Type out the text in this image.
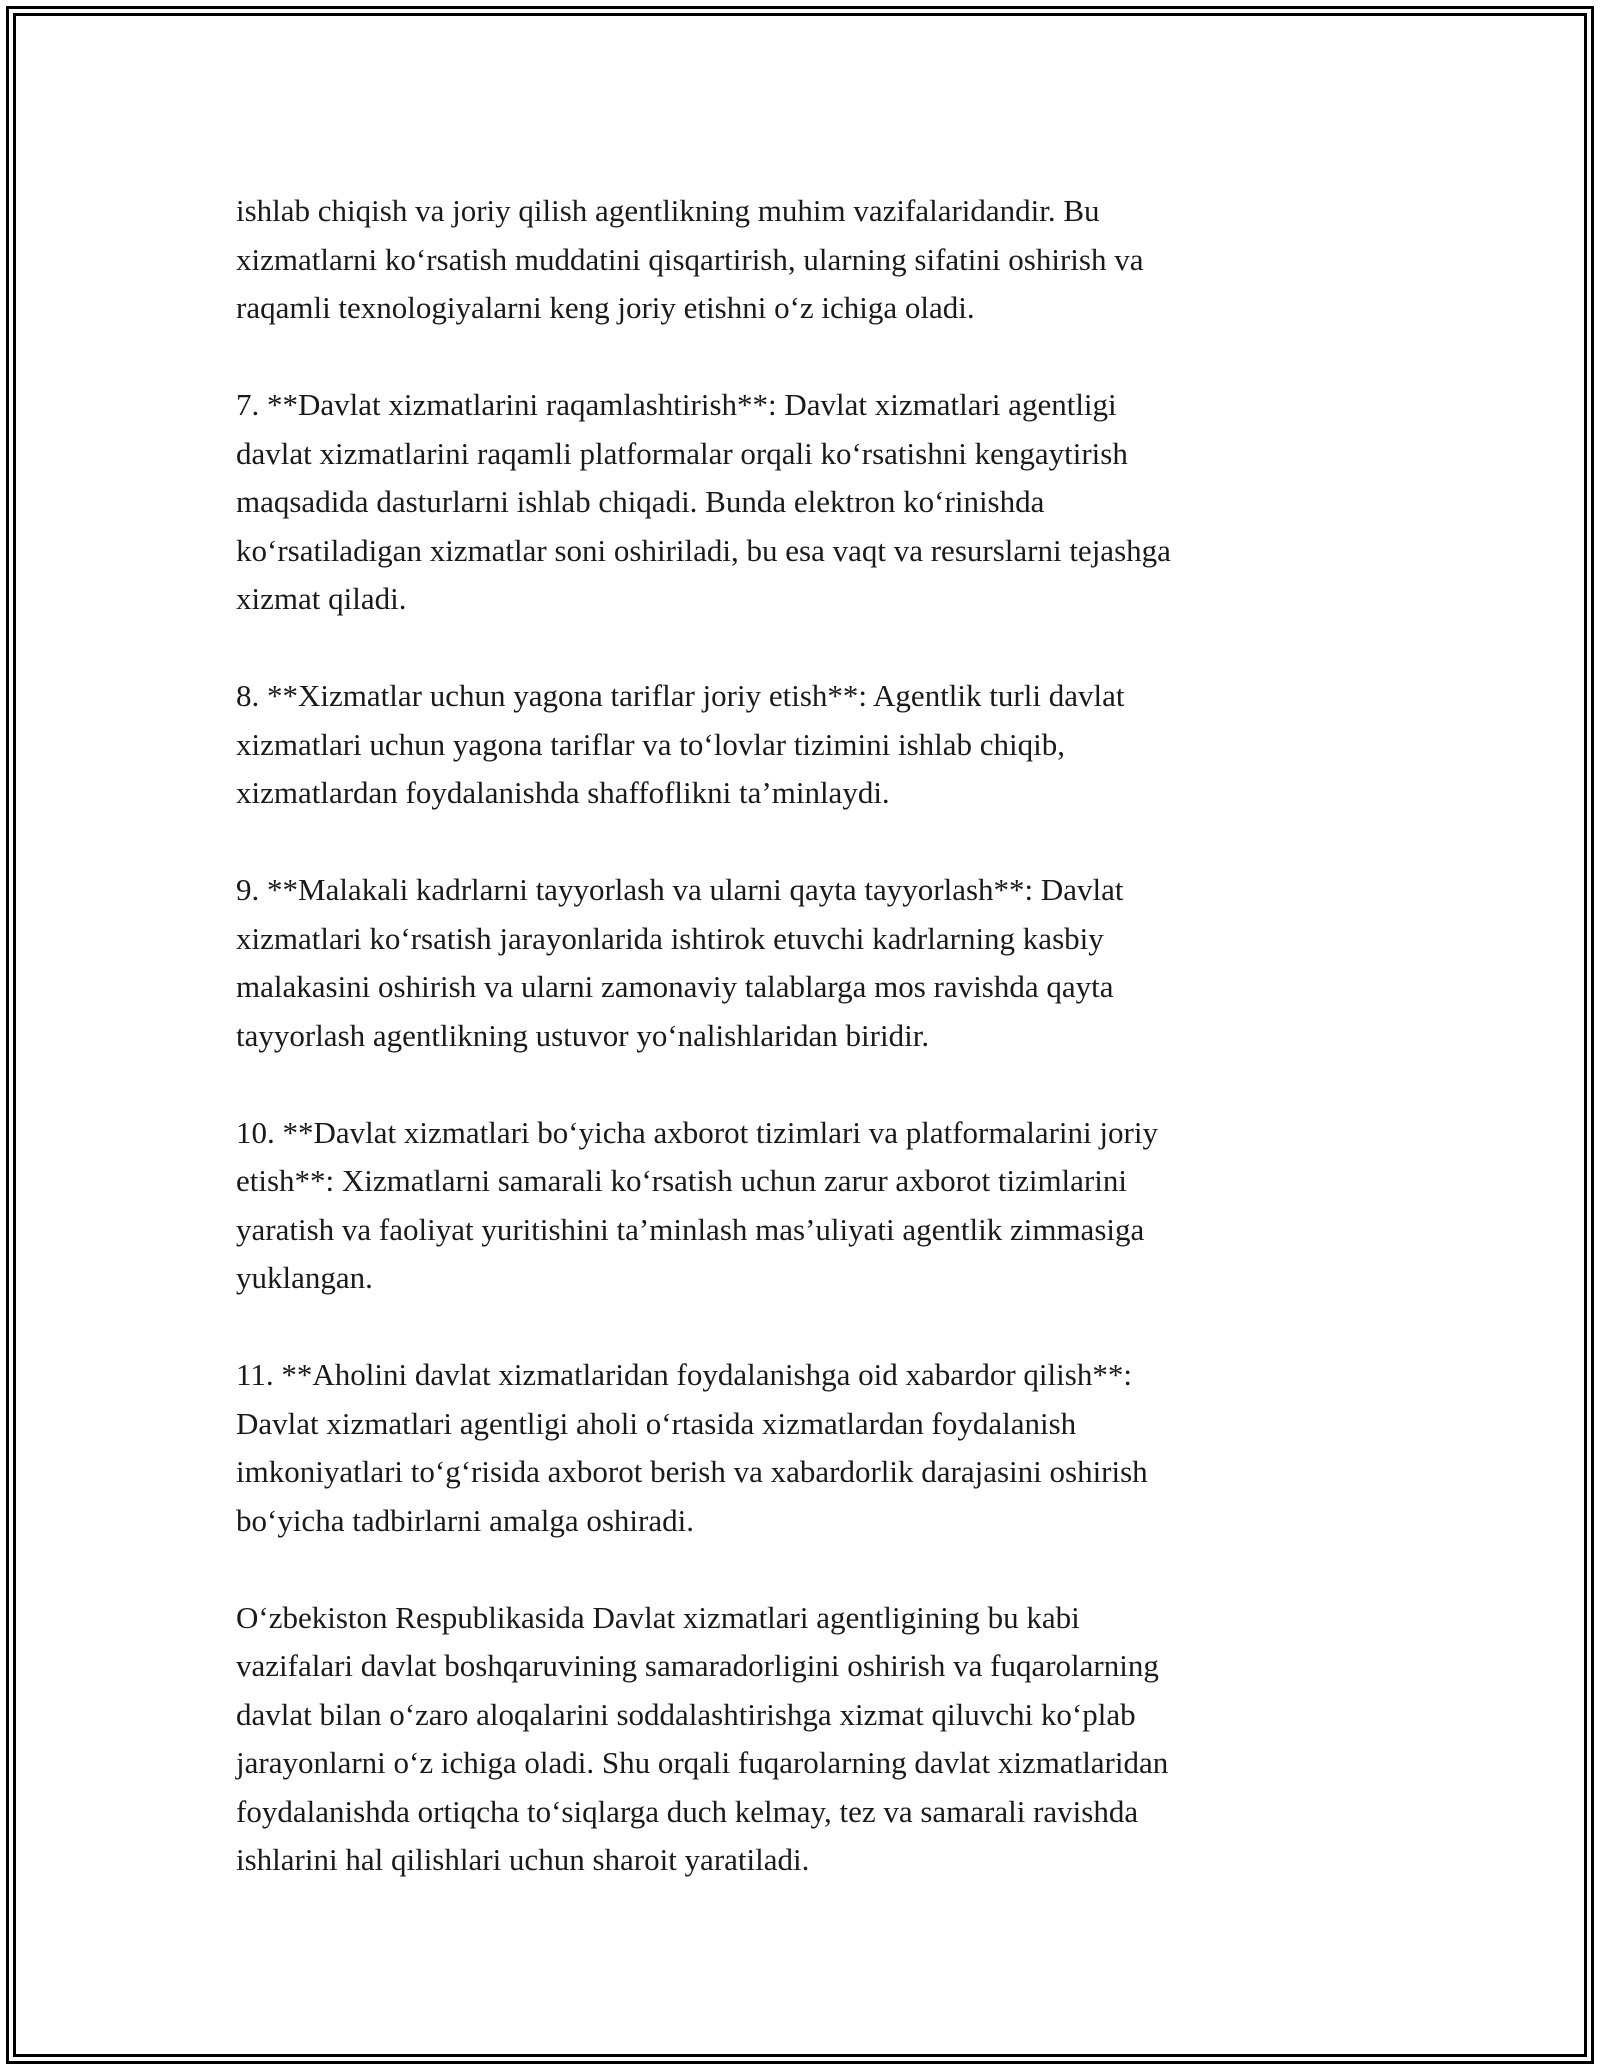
ishlab chiqish va joriy qilish agentlikning muhim vazifalaridandir. Bu
xizmatlarni ko‘rsatish muddatini qisqartirish, ularning sifatini oshirish va
raqamli texnologiyalarni keng joriy etishni o‘z ichiga oladi.

7. **Davlat xizmatlarini raqamlashtirish**: Davlat xizmatlari agentligi
davlat xizmatlarini raqamli platformalar orqali ko‘rsatishni kengaytirish
maqsadida dasturlarni ishlab chiqadi. Bunda elektron ko‘rinishda
ko‘rsatiladigan xizmatlar soni oshiriladi, bu esa vaqt va resurslarni tejashga
xizmat qiladi.

8. **Xizmatlar uchun yagona tariflar joriy etish**: Agentlik turli davlat
xizmatlari uchun yagona tariflar va to‘lovlar tizimini ishlab chiqib,
xizmatlardan foydalanishda shaffoflikni ta’minlaydi.

9. **Malakali kadrlarni tayyorlash va ularni qayta tayyorlash**: Davlat
xizmatlari ko‘rsatish jarayonlarida ishtirok etuvchi kadrlarning kasbiy
malakasini oshirish va ularni zamonaviy talablarga mos ravishda qayta
tayyorlash agentlikning ustuvor yo‘nalishlaridan biridir.

10. **Davlat xizmatlari bo‘yicha axborot tizimlari va platformalarini joriy
etish**: Xizmatlarni samarali ko‘rsatish uchun zarur axborot tizimlarini
yaratish va faoliyat yuritishini ta’minlash mas’uliyati agentlik zimmasiga
yuklangan.

11. **Aholini davlat xizmatlaridan foydalanishga oid xabardor qilish**:
Davlat xizmatlari agentligi aholi o‘rtasida xizmatlardan foydalanish
imkoniyatlari to‘g‘risida axborot berish va xabardorlik darajasini oshirish
bo‘yicha tadbirlarni amalga oshiradi.

O‘zbekiston Respublikasida Davlat xizmatlari agentligining bu kabi
vazifalari davlat boshqaruvining samaradorligini oshirish va fuqarolarning
davlat bilan o‘zaro aloqalarini soddalashtirishga xizmat qiluvchi ko‘plab
jarayonlarni o‘z ichiga oladi. Shu orqali fuqarolarning davlat xizmatlaridan
foydalanishda ortiqcha to‘siqlarga duch kelmay, tez va samarali ravishda
ishlarini hal qilishlari uchun sharoit yaratiladi.
